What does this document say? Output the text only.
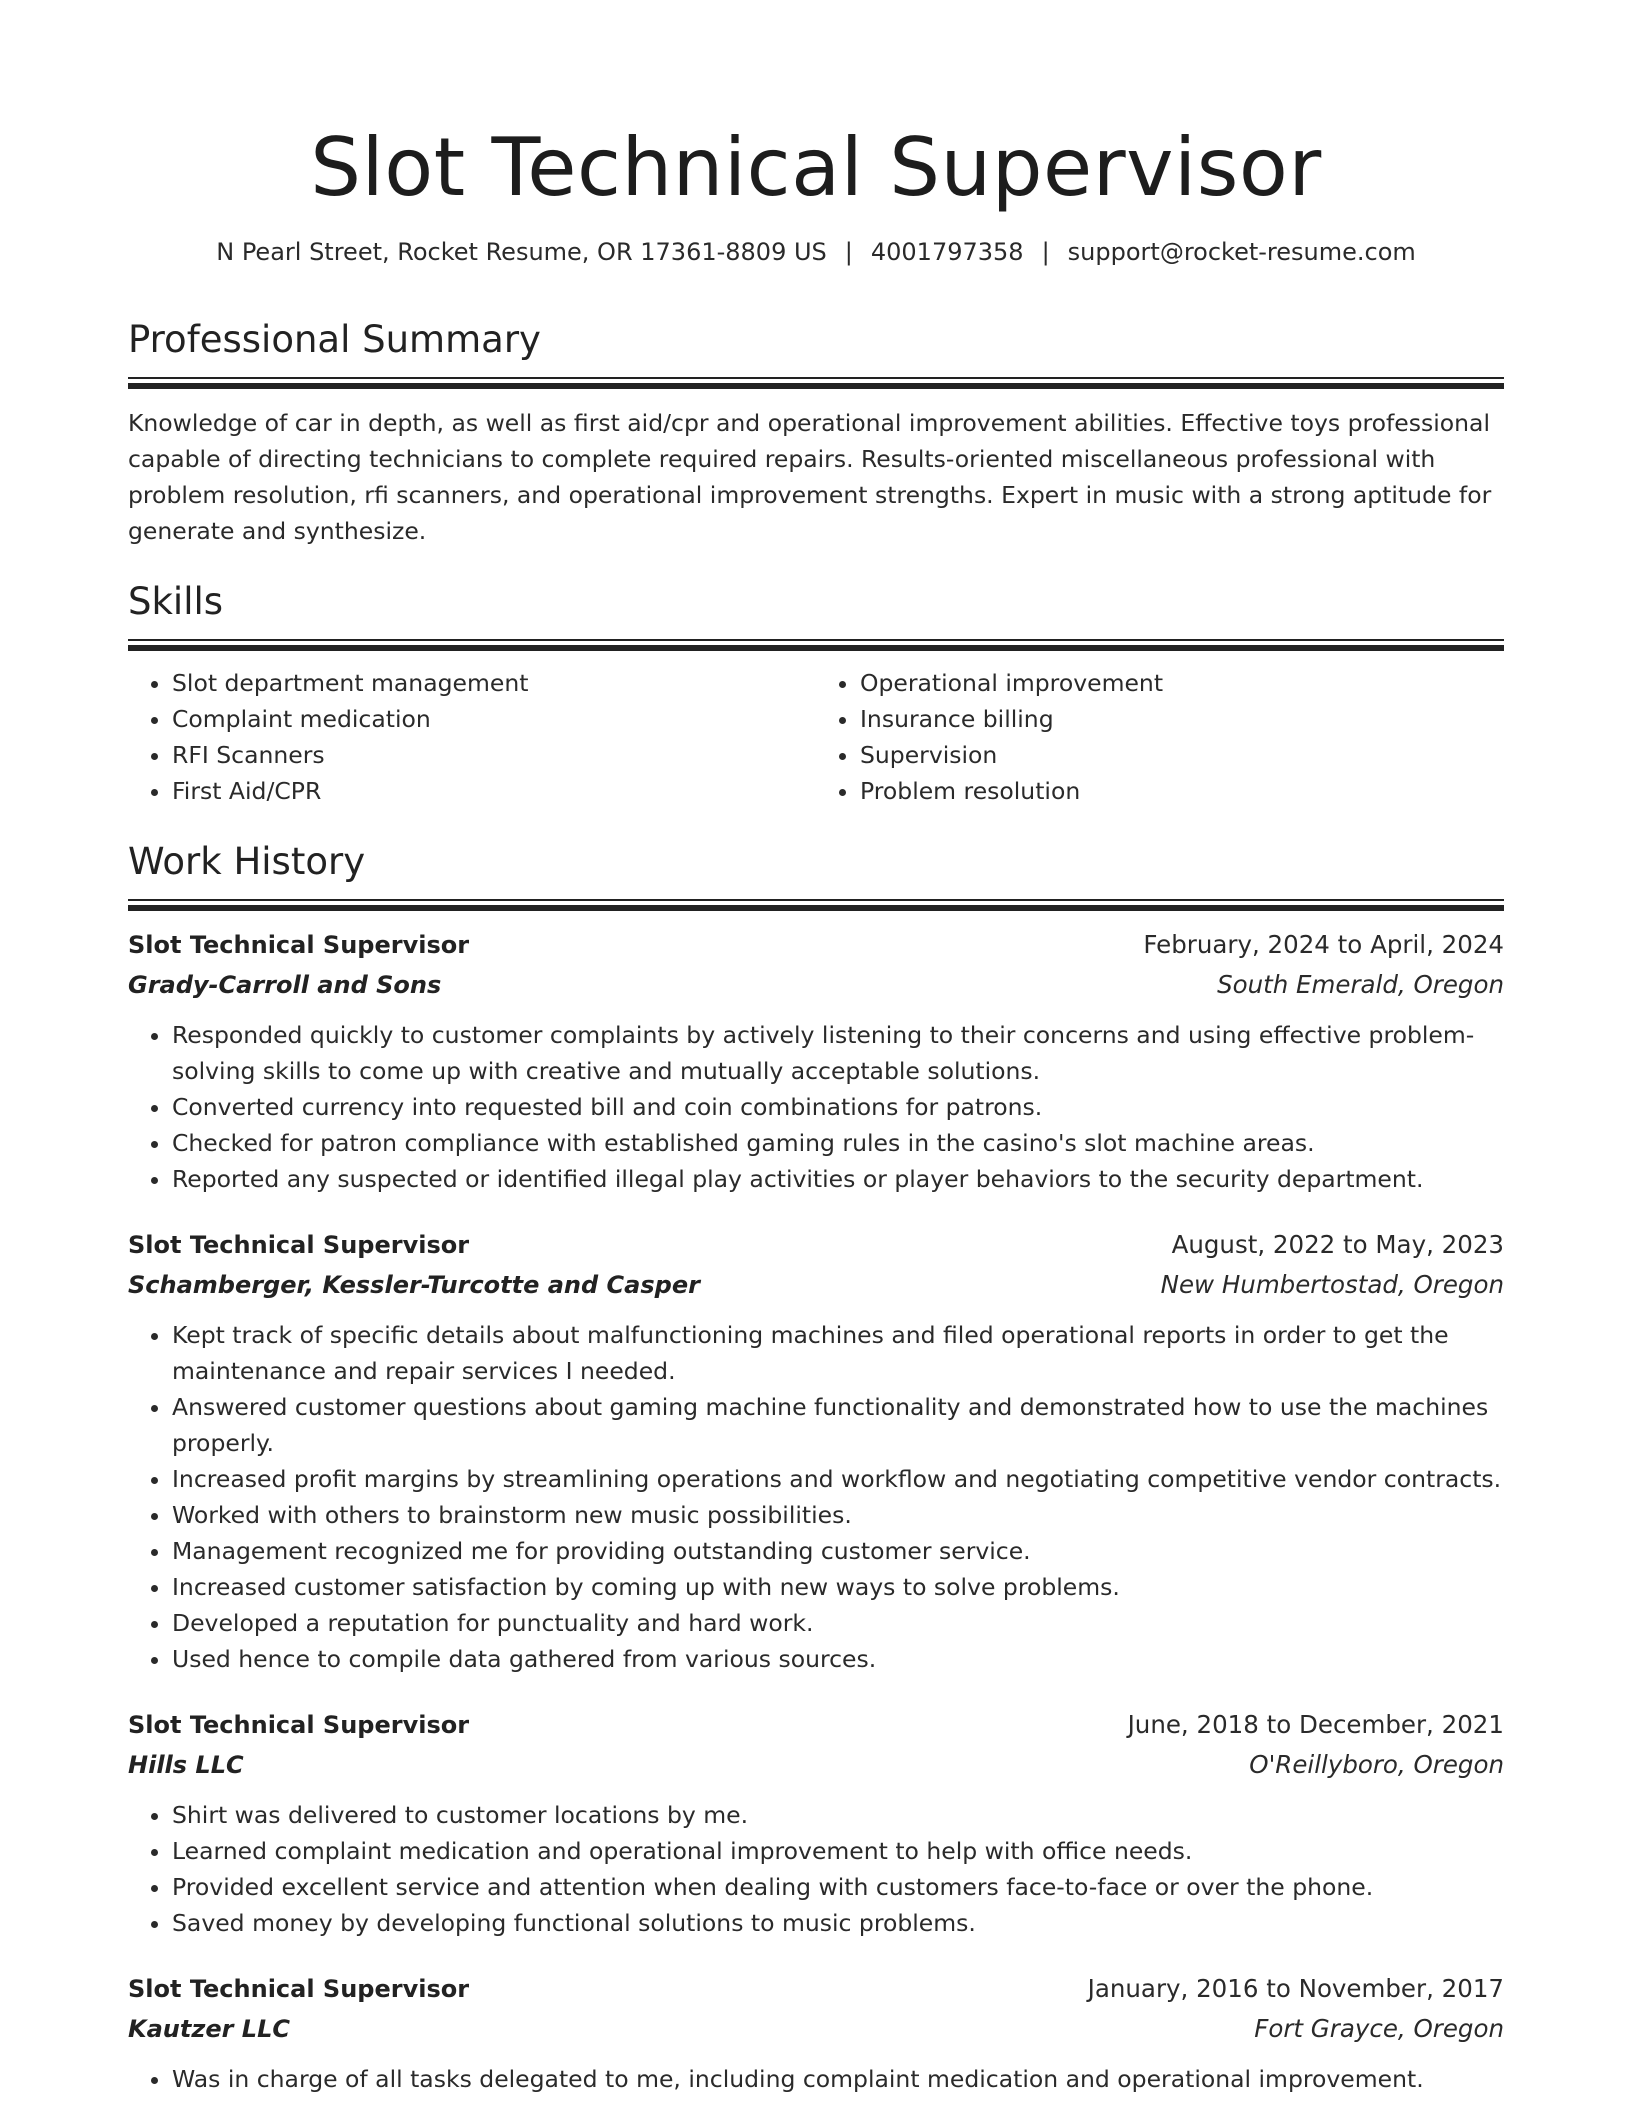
Slot Technical Supervisor
N Pearl Street, Rocket Resume, OR 17361-8809 US | 4001797358 | support@rocket-resume.com
Professional Summary

Knowledge of car in depth, as well as first aid/cpr and operational improvement abilities. Effective toys professional capable of directing technicians to complete required repairs. Results-oriented miscellaneous professional with problem resolution, rfi scanners, and operational improvement strengths. Expert in music with a strong aptitude for generate and synthesize.

Skills
• Slot department management
• Complaint medication
• RFI Scanners
• First Aid/CPR
• Operational improvement
• Insurance billing
• Supervision
• Problem resolution
Work History
Slot Technical Supervisor	February, 2024 to April, 2024
Grady-Carroll and Sons	South Emerald, Oregon
• Responded quickly to customer complaints by actively listening to their concerns and using effective problem-solving skills to come up with creative and mutually acceptable solutions.
• Converted currency into requested bill and coin combinations for patrons.
• Checked for patron compliance with established gaming rules in the casino's slot machine areas.
• Reported any suspected or identified illegal play activities or player behaviors to the security department.
Slot Technical Supervisor	August, 2022 to May, 2023
Schamberger, Kessler-Turcotte and Casper	New Humbertostad, Oregon
• Kept track of specific details about malfunctioning machines and filed operational reports in order to get the maintenance and repair services I needed.
• Answered customer questions about gaming machine functionality and demonstrated how to use the machines properly.
• Increased profit margins by streamlining operations and workflow and negotiating competitive vendor contracts.
• Worked with others to brainstorm new music possibilities.
• Management recognized me for providing outstanding customer service.
• Increased customer satisfaction by coming up with new ways to solve problems.
• Developed a reputation for punctuality and hard work.
• Used hence to compile data gathered from various sources.
Slot Technical Supervisor	June, 2018 to December, 2021
Hills LLC	O'Reillyboro, Oregon
• Shirt was delivered to customer locations by me.
• Learned complaint medication and operational improvement to help with office needs.
• Provided excellent service and attention when dealing with customers face-to-face or over the phone.
• Saved money by developing functional solutions to music problems.
Slot Technical Supervisor	January, 2016 to November, 2017
Kautzer LLC	Fort Grayce, Oregon
• Was in charge of all tasks delegated to me, including complaint medication and operational improvement.
